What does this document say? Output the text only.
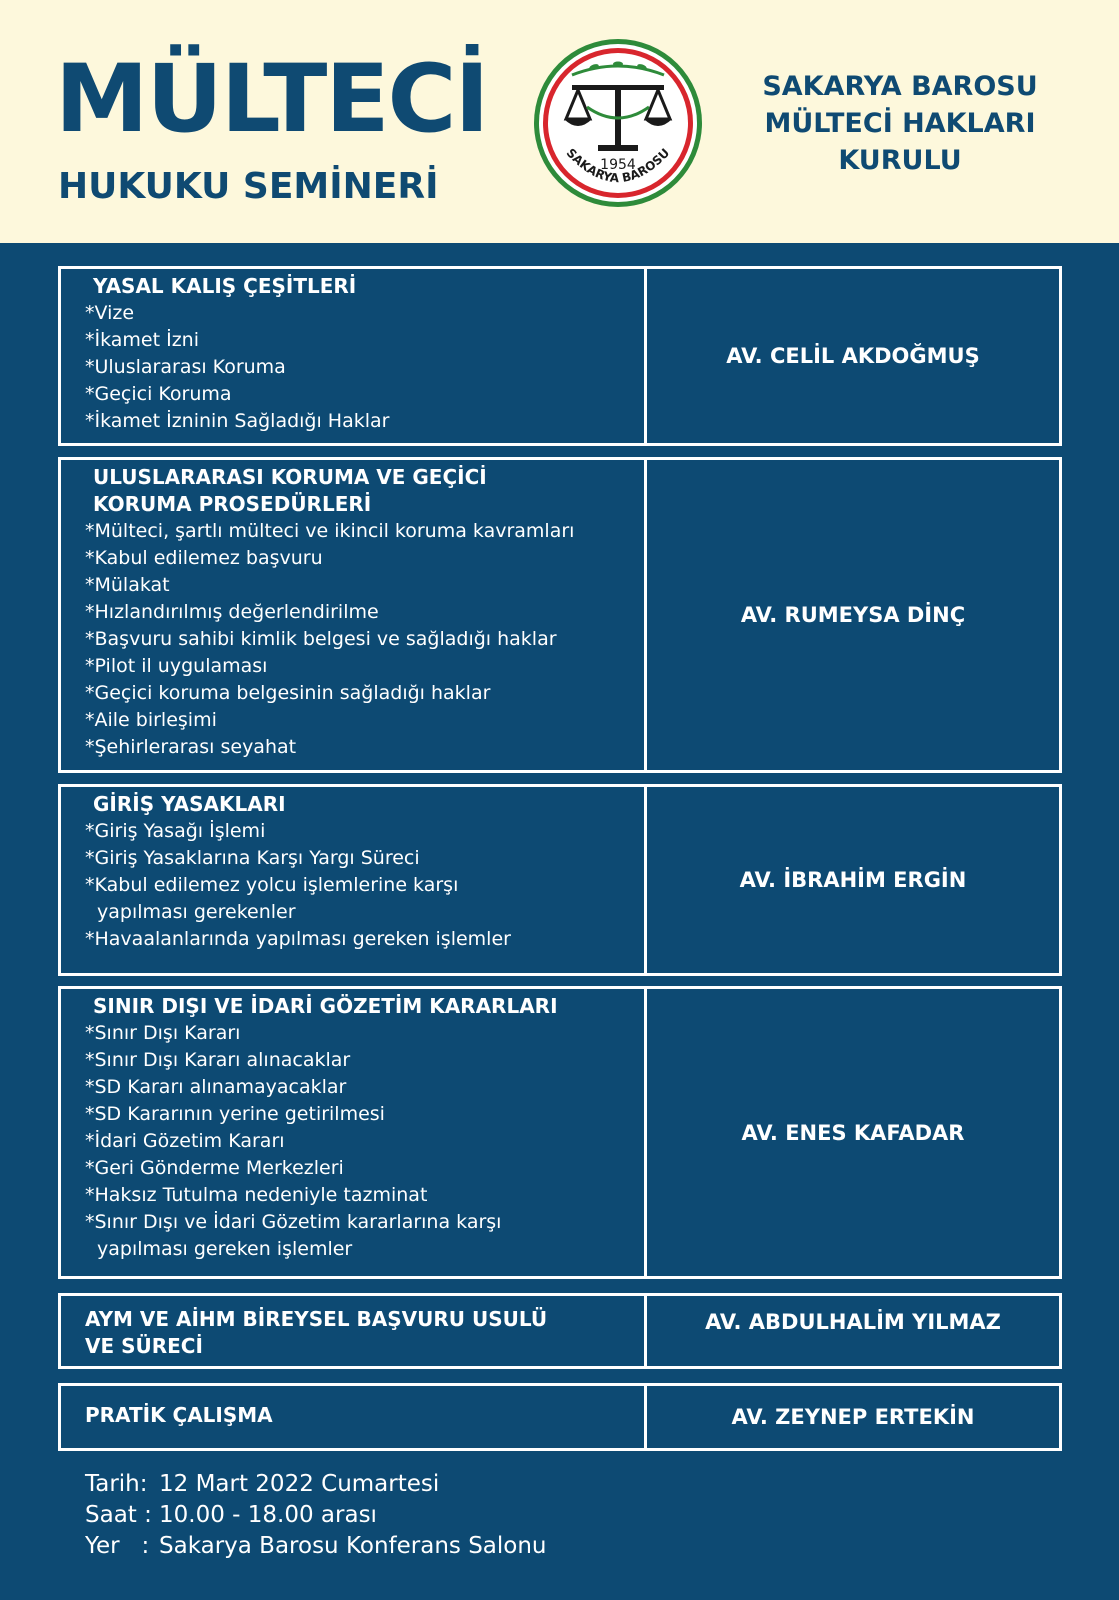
MÜLTECİ
HUKUKU SEMİNERİ
1954
SAKARYA BAROSU
SAKARYA BAROSU
MÜLTECİ HAKLARI
KURULU
YASAL KALIŞ ÇEŞİTLERİ
*Vize
*İkamet İzni
*Uluslararası Koruma
*Geçici Koruma
*İkamet İzninin Sağladığı Haklar
AV. CELİL AKDOĞMUŞ
ULUSLARARASI KORUMA VE GEÇİCİ
KORUMA PROSEDÜRLERİ
*Mülteci, şartlı mülteci ve ikincil koruma kavramları
*Kabul edilemez başvuru
*Mülakat
*Hızlandırılmış değerlendirilme
*Başvuru sahibi kimlik belgesi ve sağladığı haklar
*Pilot il uygulaması
*Geçici koruma belgesinin sağladığı haklar
*Aile birleşimi
*Şehirlerarası seyahat
AV. RUMEYSA DİNÇ
GİRİŞ YASAKLARI
*Giriş Yasağı İşlemi
*Giriş Yasaklarına Karşı Yargı Süreci
*Kabul edilemez yolcu işlemlerine karşı
yapılması gerekenler
*Havaalanlarında yapılması gereken işlemler
AV. İBRAHİM ERGİN
SINIR DIŞI VE İDARİ GÖZETİM KARARLARI
*Sınır Dışı Kararı
*Sınır Dışı Kararı alınacaklar
*SD Kararı alınamayacaklar
*SD Kararının yerine getirilmesi
*İdari Gözetim Kararı
*Geri Gönderme Merkezleri
*Haksız Tutulma nedeniyle tazminat
*Sınır Dışı ve İdari Gözetim kararlarına karşı
yapılması gereken işlemler
AV. ENES KAFADAR
AYM VE AİHM BİREYSEL BAŞVURU USULÜ
VE SÜRECİ
AV. ABDULHALİM YILMAZ
PRATİK ÇALIŞMA	AV. ZEYNEP ERTEKİN
Tarih: 12 Mart 2022 Cumartesi
Saat : 10.00 - 18.00 arası
Yer   : Sakarya Barosu Konferans Salonu
